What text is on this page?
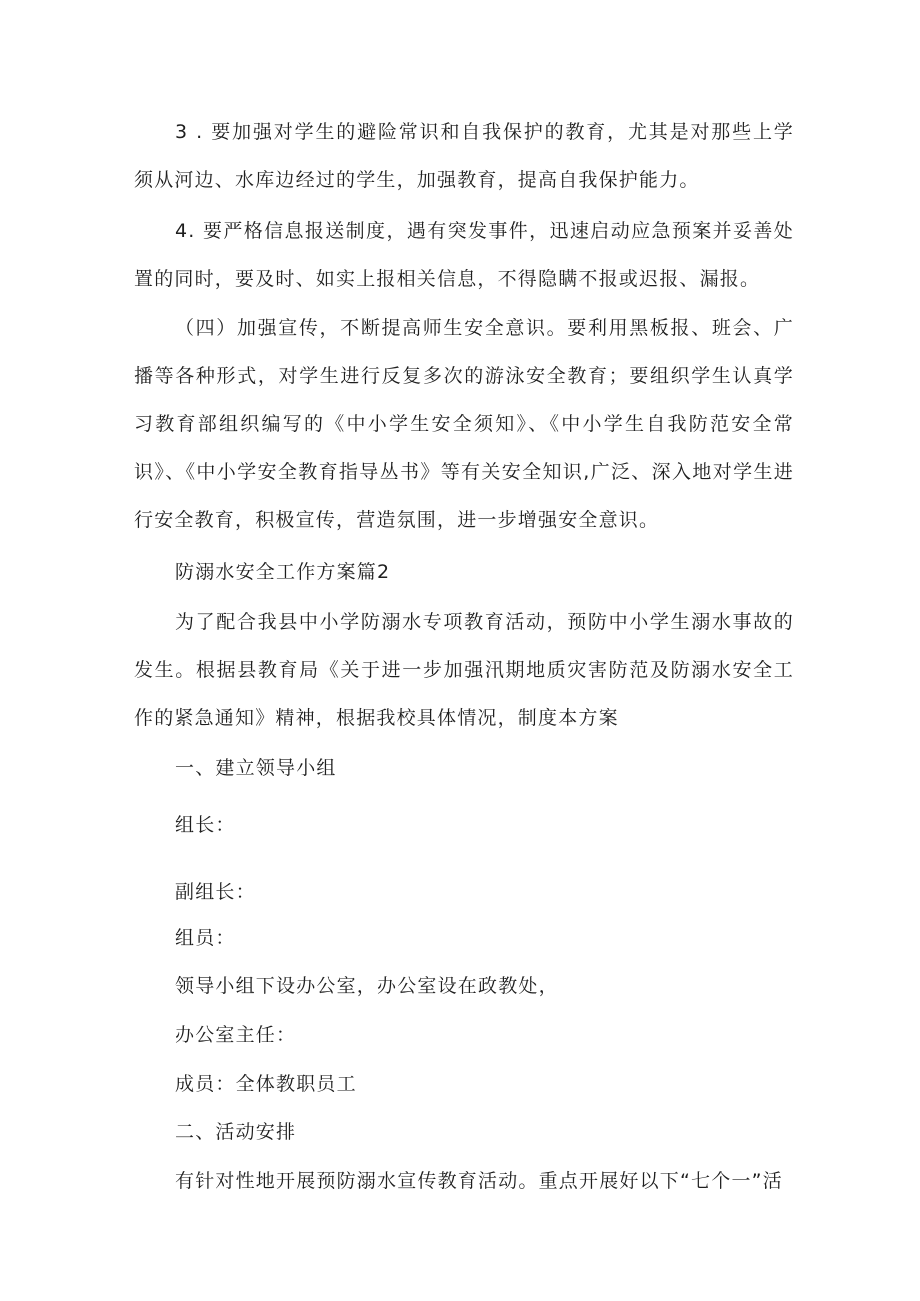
3 . 要加强对学生的避险常识和自我保护的教育，尤其是对那些上学须从河边、水库边经过的学生，加强教育，提高自我保护能力。

4. 要严格信息报送制度，遇有突发事件，迅速启动应急预案并妥善处置的同时，要及时、如实上报相关信息，不得隐瞒不报或迟报、漏报。

（四）加强宣传，不断提高师生安全意识。要利用黑板报、班会、广播等各种形式，对学生进行反复多次的游泳安全教育；要组织学生认真学习教育部组织编写的《中小学生安全须知》、《中小学生自我防范安全常识》、《中小学安全教育指导丛书》等有关安全知识,广泛、深入地对学生进行安全教育，积极宣传，营造氛围，进一步增强安全意识。

防溺水安全工作方案篇2

为了配合我县中小学防溺水专项教育活动，预防中小学生溺水事故的发生。根据县教育局《关于进一步加强汛期地质灾害防范及防溺水安全工作的紧急通知》精神，根据我校具体情况，制度本方案

一、建立领导小组

组长：

副组长：

组员：

领导小组下设办公室，办公室设在政教处，

办公室主任：

成员：全体教职员工

二、活动安排

有针对性地开展预防溺水宣传教育活动。重点开展好以下“七个一”活
